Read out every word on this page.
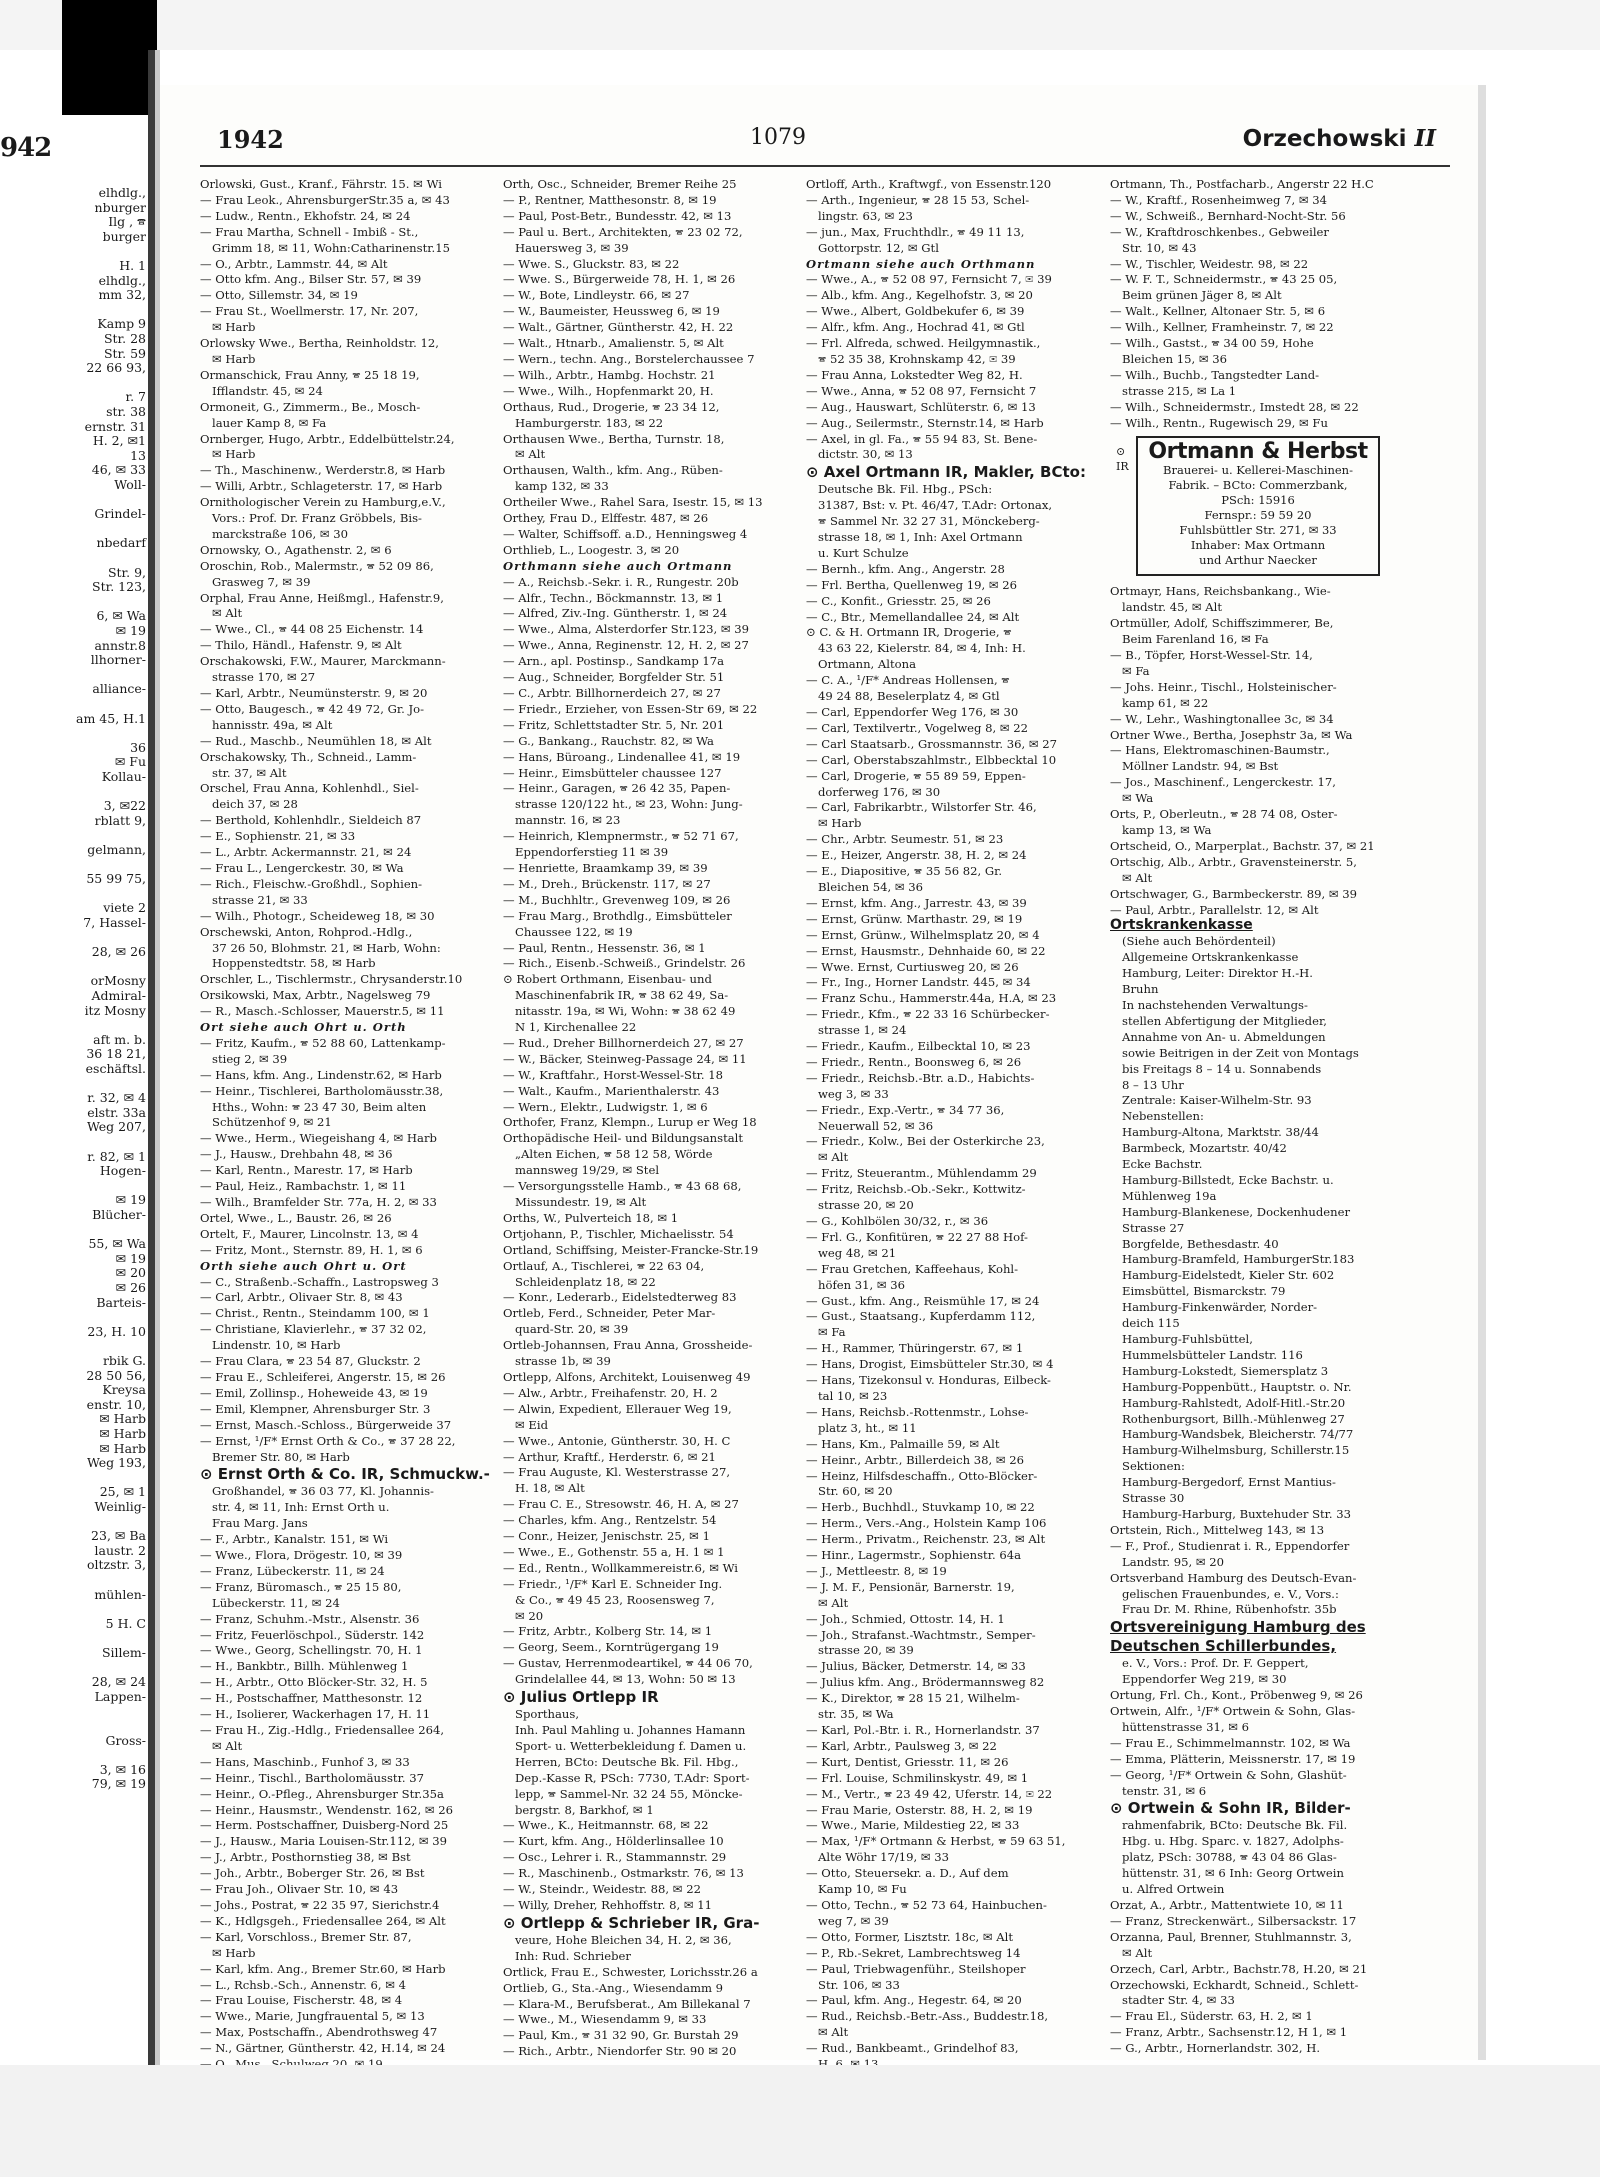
942
elhdlg.,
nburger
Ilg , 🕿
burger
H. 1
elhdlg.,
mm 32,
Kamp 9
Str. 28
Str. 59
22 66 93,
r. 7
str. 38
ernstr. 31
H. 2, ✉1
13
46, ✉ 33
Woll-
Grindel-
nbedarf
Str. 9,
Str. 123,
6, ✉ Wa
✉ 19
annstr.8
llhorner-
alliance-
am 45, H.1
36
✉ Fu
Kollau-
3, ✉22
rblatt 9,
gelmann,
55 99 75,
viete 2
7, Hassel-
28, ✉ 26
orMosny
Admiral-
itz Mosny
aft m. b.
36 18 21,
eschäftsl.
r. 32, ✉ 4
elstr. 33a
Weg 207,
r. 82, ✉ 1
Hogen-
✉ 19
Blücher-
55, ✉ Wa
✉ 19
✉ 20
✉ 26
Barteis-
23, H. 10
rbik G.
28 50 56,
Kreysa
enstr. 10,
✉ Harb
✉ Harb
✉ Harb
Weg 193,
25, ✉ 1
Weinlig-
23, ✉ Ba
laustr. 2
oltzstr. 3,
mühlen-
5 H. C
Sillem-
28, ✉ 24
Lappen-
Gross-
3, ✉ 16
79, ✉ 19
1942	1079	Orzechowski II
Orlowski, Gust., Kranf., Fährstr. 15. ✉ Wi
— Frau Leok., AhrensburgerStr.35 a, ✉ 43
— Ludw., Rentn., Ekhofstr. 24, ✉ 24
— Frau Martha, Schnell - Imbiß - St.,
Grimm 18, ✉ 11, Wohn:Catharinenstr.15
— O., Arbtr., Lammstr. 44, ✉ Alt
— Otto kfm. Ang., Bilser Str. 57, ✉ 39
— Otto, Sillemstr. 34, ✉ 19
— Frau St., Woellmerstr. 17, Nr. 207,
✉ Harb
Orlowsky Wwe., Bertha, Reinholdstr. 12,
✉ Harb
Ormanschick, Frau Anny, 🕿 25 18 19,
Ifflandstr. 45, ✉ 24
Ormoneit, G., Zimmerm., Be., Mosch-
lauer Kamp 8, ✉ Fa
Ornberger, Hugo, Arbtr., Eddelbüttelstr.24,
✉ Harb
— Th., Maschinenw., Werderstr.8, ✉ Harb
— Willi, Arbtr., Schlageterstr. 17, ✉ Harb
Ornithologischer Verein zu Hamburg,e.V.,
Vors.: Prof. Dr. Franz Gröbbels, Bis-
marckstraße 106, ✉ 30
Ornowsky, O., Agathenstr. 2, ✉ 6
Oroschin, Rob., Malermstr., 🕿 52 09 86,
Grasweg 7, ✉ 39
Orphal, Frau Anne, Heißmgl., Hafenstr.9,
✉ Alt
— Wwe., Cl., 🕿 44 08 25 Eichenstr. 14
— Thilo, Händl., Hafenstr. 9, ✉ Alt
Orschakowski, F.W., Maurer, Marckmann-
strasse 170, ✉ 27
— Karl, Arbtr., Neumünsterstr. 9, ✉ 20
— Otto, Baugesch., 🕿 42 49 72, Gr. Jo-
hannisstr. 49a, ✉ Alt
— Rud., Maschb., Neumühlen 18, ✉ Alt
Orschakowsky, Th., Schneid., Lamm-
str. 37, ✉ Alt
Orschel, Frau Anna, Kohlenhdl., Siel-
deich 37, ✉ 28
— Berthold, Kohlenhdlr., Sieldeich 87
— E., Sophienstr. 21, ✉ 33
— L., Arbtr. Ackermannstr. 21, ✉ 24
— Frau L., Lengerckestr. 30, ✉ Wa
— Rich., Fleischw.-Großhdl., Sophien-
strasse 21, ✉ 33
— Wilh., Photogr., Scheideweg 18, ✉ 30
Orschewski, Anton, Rohprod.-Hdlg.,
37 26 50, Blohmstr. 21, ✉ Harb, Wohn:
Hoppenstedtstr. 58, ✉ Harb
Orschler, L., Tischlermstr., Chrysanderstr.10
Orsikowski, Max, Arbtr., Nagelsweg 79
— R., Masch.-Schlosser, Mauerstr.5, ✉ 11
Ort siehe auch Ohrt u. Orth
— Fritz, Kaufm., 🕿 52 88 60, Lattenkamp-
stieg 2, ✉ 39
— Hans, kfm. Ang., Lindenstr.62, ✉ Harb
— Heinr., Tischlerei, Bartholomäusstr.38,
Hths., Wohn: 🕿 23 47 30, Beim alten
Schützenhof 9, ✉ 21
— Wwe., Herm., Wiegeishang 4, ✉ Harb
— J., Hausw., Drehbahn 48, ✉ 36
— Karl, Rentn., Marestr. 17, ✉ Harb
— Paul, Heiz., Rambachstr. 1, ✉ 11
— Wilh., Bramfelder Str. 77a, H. 2, ✉ 33
Ortel, Wwe., L., Baustr. 26, ✉ 26
Ortelt, F., Maurer, Lincolnstr. 13, ✉ 4
— Fritz, Mont., Sternstr. 89, H. 1, ✉ 6
Orth siehe auch Ohrt u. Ort
— C., Straßenb.-Schaffn., Lastropsweg 3
— Carl, Arbtr., Olivaer Str. 8, ✉ 43
— Christ., Rentn., Steindamm 100, ✉ 1
— Christiane, Klavierlehr., 🕿 37 32 02,
Lindenstr. 10, ✉ Harb
— Frau Clara, 🕿 23 54 87, Gluckstr. 2
— Frau E., Schleiferei, Angerstr. 15, ✉ 26
— Emil, Zollinsp., Hoheweide 43, ✉ 19
— Emil, Klempner, Ahrensburger Str. 3
— Ernst, Masch.-Schloss., Bürgerweide 37
— Ernst, ¹/F* Ernst Orth & Co., 🕿 37 28 22,
Bremer Str. 80, ✉ Harb
⊙ Ernst Orth & Co. IR, Schmuckw.-
Großhandel, 🕿 36 03 77, Kl. Johannis-
str. 4, ✉ 11, Inh: Ernst Orth u.
Frau Marg. Jans
— F., Arbtr., Kanalstr. 151, ✉ Wi
— Wwe., Flora, Drögestr. 10, ✉ 39
— Franz, Lübeckerstr. 11, ✉ 24
— Franz, Büromasch., 🕿 25 15 80,
Lübeckerstr. 11, ✉ 24
— Franz, Schuhm.-Mstr., Alsenstr. 36
— Fritz, Feuerlöschpol., Süderstr. 142
— Wwe., Georg, Schellingstr. 70, H. 1
— H., Bankbtr., Billh. Mühlenweg 1
— H., Arbtr., Otto Blöcker-Str. 32, H. 5
— H., Postschaffner, Matthesonstr. 12
— H., Isolierer, Wackerhagen 17, H. 11
— Frau H., Zig.-Hdlg., Friedensallee 264,
✉ Alt
— Hans, Maschinb., Funhof 3, ✉ 33
— Heinr., Tischl., Bartholomäusstr. 37
— Heinr., O.-Pfleg., Ahrensburger Str.35a
— Heinr., Hausmstr., Wendenstr. 162, ✉ 26
— Herm. Postschaffner, Duisberg-Nord 25
— J., Hausw., Maria Louisen-Str.112, ✉ 39
— J., Arbtr., Posthornstieg 38, ✉ Bst
— Joh., Arbtr., Boberger Str. 26, ✉ Bst
— Frau Joh., Olivaer Str. 10, ✉ 43
— Johs., Postrat, 🕿 22 35 97, Sierichstr.4
— K., Hdlgsgeh., Friedensallee 264, ✉ Alt
— Karl, Vorschloss., Bremer Str. 87,
✉ Harb
— Karl, kfm. Ang., Bremer Str.60, ✉ Harb
— L., Rchsb.-Sch., Annenstr. 6, ✉ 4
— Frau Louise, Fischerstr. 48, ✉ 4
— Wwe., Marie, Jungfrauental 5, ✉ 13
— Max, Postschaffn., Abendrothsweg 47
— N., Gärtner, Güntherstr. 42, H.14, ✉ 24
Orth, Osc., Schneider, Bremer Reihe 25
— P., Rentner, Matthesonstr. 8, ✉ 19
— Paul, Post-Betr., Bundesstr. 42, ✉ 13
— Paul u. Bert., Architekten, 🕿 23 02 72,
Hauersweg 3, ✉ 39
— Wwe. S., Gluckstr. 83, ✉ 22
— Wwe. S., Bürgerweide 78, H. 1, ✉ 26
— W., Bote, Lindleystr. 66, ✉ 27
— W., Baumeister, Heussweg 6, ✉ 19
— Walt., Gärtner, Güntherstr. 42, H. 22
— Walt., Htnarb., Amalienstr. 5, ✉ Alt
— Wern., techn. Ang., Borstelerchaussee 7
— Wilh., Arbtr., Hambg. Hochstr. 21
— Wwe., Wilh., Hopfenmarkt 20, H.
Orthaus, Rud., Drogerie, 🕿 23 34 12,
Hamburgerstr. 183, ✉ 22
Orthausen Wwe., Bertha, Turnstr. 18,
✉ Alt
Orthausen, Walth., kfm. Ang., Rüben-
kamp 132, ✉ 33
Ortheiler Wwe., Rahel Sara, Isestr. 15, ✉ 13
Orthey, Frau D., Elffestr. 487, ✉ 26
— Walter, Schiffsoff. a.D., Henningsweg 4
Orthlieb, L., Loogestr. 3, ✉ 20
Orthmann siehe auch Ortmann
— A., Reichsb.-Sekr. i. R., Rungestr. 20b
— Alfr., Techn., Böckmannstr. 13, ✉ 1
— Alfred, Ziv.-Ing. Güntherstr. 1, ✉ 24
— Wwe., Alma, Alsterdorfer Str.123, ✉ 39
— Wwe., Anna, Reginenstr. 12, H. 2, ✉ 27
— Arn., apl. Postinsp., Sandkamp 17a
— Aug., Schneider, Borgfelder Str. 51
— C., Arbtr. Billhornerdeich 27, ✉ 27
— Friedr., Erzieher, von Essen-Str 69, ✉ 22
— Fritz, Schlettstadter Str. 5, Nr. 201
— G., Bankang., Rauchstr. 82, ✉ Wa
— Hans, Büroang., Lindenallee 41, ✉ 19
— Heinr., Eimsbütteler chaussee 127
— Heinr., Garagen, 🕿 26 42 35, Papen-
strasse 120/122 ht., ✉ 23, Wohn: Jung-
mannstr. 16, ✉ 23
— Heinrich, Klempnermstr., 🕿 52 71 67,
Eppendorferstieg 11 ✉ 39
— Henriette, Braamkamp 39, ✉ 39
— M., Dreh., Brückenstr. 117, ✉ 27
— M., Buchhltr., Grevenweg 109, ✉ 26
— Frau Marg., Brothdlg., Eimsbütteler
Chaussee 122, ✉ 19
— Paul, Rentn., Hessenstr. 36, ✉ 1
— Rich., Eisenb.-Schweiß., Grindelstr. 26
⊙ Robert Orthmann, Eisenbau- und
Maschinenfabrik IR, 🕿 38 62 49, Sa-
nitasstr. 19a, ✉ Wi, Wohn: 🕿 38 62 49
N 1, Kirchenallee 22
— Rud., Dreher Billhornerdeich 27, ✉ 27
— W., Bäcker, Steinweg-Passage 24, ✉ 11
— W., Kraftfahr., Horst-Wessel-Str. 18
— Walt., Kaufm., Marienthalerstr. 43
— Wern., Elektr., Ludwigstr. 1, ✉ 6
Orthofer, Franz, Klempn., Lurup er Weg 18
Orthopädische Heil- und Bildungsanstalt
„Alten Eichen, 🕿 58 12 58, Wörde
mannsweg 19/29, ✉ Stel
— Versorgungsstelle Hamb., 🕿 43 68 68,
Missundestr. 19, ✉ Alt
Orths, W., Pulverteich 18, ✉ 1
Ortjohann, P., Tischler, Michaelisstr. 54
Ortland, Schiffsing, Meister-Francke-Str.19
Ortlauf, A., Tischlerei, 🕿 22 63 04,
Schleidenplatz 18, ✉ 22
— Konr., Lederarb., Eidelstedterweg 83
Ortleb, Ferd., Schneider, Peter Mar-
quard-Str. 20, ✉ 39
Ortleb-Johannsen, Frau Anna, Grossheide-
strasse 1b, ✉ 39
Ortlepp, Alfons, Architekt, Louisenweg 49
— Alw., Arbtr., Freihafenstr. 20, H. 2
— Alwin, Expedient, Ellerauer Weg 19,
✉ Eid
— Wwe., Antonie, Güntherstr. 30, H. C
— Arthur, Kraftf., Herderstr. 6, ✉ 21
— Frau Auguste, Kl. Westerstrasse 27,
H. 18, ✉ Alt
— Frau C. E., Stresowstr. 46, H. A, ✉ 27
— Charles, kfm. Ang., Rentzelstr. 54
— Conr., Heizer, Jenischstr. 25, ✉ 1
— Wwe., E., Gothenstr. 55 a, H. 1 ✉ 1
— Ed., Rentn., Wollkammereistr.6, ✉ Wi
— Friedr., ¹/F* Karl E. Schneider Ing.
& Co., 🕿 49 45 23, Roosensweg 7,
✉ 20
— Fritz, Arbtr., Kolberg Str. 14, ✉ 1
— Georg, Seem., Korntrügergang 19
— Gustav, Herrenmodeartikel, 🕿 44 06 70,
Grindelallee 44, ✉ 13, Wohn: 50 ✉ 13
⊙ Julius Ortlepp IR
Sporthaus,
Inh. Paul Mahling u. Johannes Hamann
Sport- u. Wetterbekleidung f. Damen u.
Herren, BCto: Deutsche Bk. Fil. Hbg.,
Dep.-Kasse R, PSch: 7730, T.Adr: Sport-
lepp, 🕿 Sammel-Nr. 32 24 55, Möncke-
bergstr. 8, Barkhof, ✉ 1
— Wwe., K., Heitmannstr. 68, ✉ 22
— Kurt, kfm. Ang., Hölderlinsallee 10
— Osc., Lehrer i. R., Stammannstr. 29
— R., Maschinenb., Ostmarkstr. 76, ✉ 13
— W., Steindr., Weidestr. 88, ✉ 22
— Willy, Dreher, Rehhoffstr. 8, ✉ 11
⊙ Ortlepp & Schrieber IR, Gra-
veure, Hohe Bleichen 34, H. 2, ✉ 36,
Inh: Rud. Schrieber
Ortlick, Frau E., Schwester, Lorichsstr.26 a
Ortlieb, G., Sta.-Ang., Wiesendamm 9
— Klara-M., Berufsberat., Am Billekanal 7
— Wwe., M., Wiesendamm 9, ✉ 33
— Paul, Km., 🕿 31 32 90, Gr. Burstah 29
— Rich., Arbtr., Niendorfer Str. 90 ✉ 20
Ortloff, Arth., Kraftwgf., von Essenstr.120
— Arth., Ingenieur, 🕿 28 15 53, Schel-
lingstr. 63, ✉ 23
— jun., Max, Fruchthdlr., 🕿 49 11 13,
Gottorpstr. 12, ✉ Gtl
Ortmann siehe auch Orthmann
— Wwe., A., 🕿 52 08 97, Fernsicht 7, ✉ 39
— Alb., kfm. Ang., Kegelhofstr. 3, ✉ 20
— Wwe., Albert, Goldbekufer 6, ✉ 39
— Alfr., kfm. Ang., Hochrad 41, ✉ Gtl
— Frl. Alfreda, schwed. Heilgymnastik.,
🕿 52 35 38, Krohnskamp 42, ✉ 39
— Frau Anna, Lokstedter Weg 82, H.
— Wwe., Anna, 🕿 52 08 97, Fernsicht 7
— Aug., Hauswart, Schlüterstr. 6, ✉ 13
— Aug., Seilermstr., Sternstr.14, ✉ Harb
— Axel, in gl. Fa., 🕿 55 94 83, St. Bene-
dictstr. 30, ✉ 13
⊙ Axel Ortmann IR, Makler, BCto:
Deutsche Bk. Fil. Hbg., PSch:
31387, Bst: v. Pt. 46/47, T.Adr: Ortonax,
🕿 Sammel Nr. 32 27 31, Mönckeberg-
strasse 18, ✉ 1, Inh: Axel Ortmann
u. Kurt Schulze
— Bernh., kfm. Ang., Angerstr. 28
— Frl. Bertha, Quellenweg 19, ✉ 26
— C., Konfit., Griesstr. 25, ✉ 26
— C., Btr., Memellandallee 24, ✉ Alt
⊙ C. & H. Ortmann IR, Drogerie, 🕿
43 63 22, Kielerstr. 84, ✉ 4, Inh: H.
Ortmann, Altona
— C. A., ¹/F* Andreas Hollensen, 🕿
49 24 88, Beselerplatz 4, ✉ Gtl
— Carl, Eppendorfer Weg 176, ✉ 30
— Carl, Textilvertr., Vogelweg 8, ✉ 22
— Carl Staatsarb., Grossmannstr. 36, ✉ 27
— Carl, Oberstabszahlmstr., Elbbecktal 10
— Carl, Drogerie, 🕿 55 89 59, Eppen-
dorferweg 176, ✉ 30
— Carl, Fabrikarbtr., Wilstorfer Str. 46,
✉ Harb
— Chr., Arbtr. Seumestr. 51, ✉ 23
— E., Heizer, Angerstr. 38, H. 2, ✉ 24
— E., Diapositive, 🕿 35 56 82, Gr.
Bleichen 54, ✉ 36
— Ernst, kfm. Ang., Jarrestr. 43, ✉ 39
— Ernst, Grünw. Marthastr. 29, ✉ 19
— Ernst, Grünw., Wilhelmsplatz 20, ✉ 4
— Ernst, Hausmstr., Dehnhaide 60, ✉ 22
— Wwe. Ernst, Curtiusweg 20, ✉ 26
— Fr., Ing., Horner Landstr. 445, ✉ 34
— Franz Schu., Hammerstr.44a, H.A, ✉ 23
— Friedr., Kfm., 🕿 22 33 16 Schürbecker-
strasse 1, ✉ 24
— Friedr., Kaufm., Eilbecktal 10, ✉ 23
— Friedr., Rentn., Boonsweg 6, ✉ 26
— Friedr., Reichsb.-Btr. a.D., Habichts-
weg 3, ✉ 33
— Friedr., Exp.-Vertr., 🕿 34 77 36,
Neuerwall 52, ✉ 36
— Friedr., Kolw., Bei der Osterkirche 23,
✉ Alt
— Fritz, Steuerantm., Mühlendamm 29
— Fritz, Reichsb.-Ob.-Sekr., Kottwitz-
strasse 20, ✉ 20
— G., Kohlbölen 30/32, r., ✉ 36
— Frl. G., Konfitüren, 🕿 22 27 88 Hof-
weg 48, ✉ 21
— Frau Gretchen, Kaffeehaus, Kohl-
höfen 31, ✉ 36
— Gust., kfm. Ang., Reismühle 17, ✉ 24
— Gust., Staatsang., Kupferdamm 112,
✉ Fa
— H., Rammer, Thüringerstr. 67, ✉ 1
— Hans, Drogist, Eimsbütteler Str.30, ✉ 4
— Hans, Tizekonsul v. Honduras, Eilbeck-
tal 10, ✉ 23
— Hans, Reichsb.-Rottenmstr., Lohse-
platz 3, ht., ✉ 11
— Hans, Km., Palmaille 59, ✉ Alt
— Heinr., Arbtr., Billerdeich 38, ✉ 26
— Heinz, Hilfsdeschaffn., Otto-Blöcker-
Str. 60, ✉ 20
— Herb., Buchhdl., Stuvkamp 10, ✉ 22
— Herm., Vers.-Ang., Holstein Kamp 106
— Herm., Privatm., Reichenstr. 23, ✉ Alt
— Hinr., Lagermstr., Sophienstr. 64a
— J., Mettleestr. 8, ✉ 19
— J. M. F., Pensionär, Barnerstr. 19,
✉ Alt
— Joh., Schmied, Ottostr. 14, H. 1
— Joh., Strafanst.-Wachtmstr., Semper-
strasse 20, ✉ 39
— Julius, Bäcker, Detmerstr. 14, ✉ 33
— Julius kfm. Ang., Brödermannsweg 82
— K., Direktor, 🕿 28 15 21, Wilhelm-
str. 35, ✉ Wa
— Karl, Pol.-Btr. i. R., Hornerlandstr. 37
— Karl, Arbtr., Paulsweg 3, ✉ 22
— Kurt, Dentist, Griesstr. 11, ✉ 26
— Frl. Louise, Schmilinskystr. 49, ✉ 1
— M., Vertr., 🕿 23 49 42, Uferstr. 14, ✉ 22
— Frau Marie, Osterstr. 88, H. 2, ✉ 19
— Wwe., Marie, Mildestieg 22, ✉ 33
— Max, ¹/F* Ortmann & Herbst, 🕿 59 63 51,
Alte Wöhr 17/19, ✉ 33
— Otto, Steuersekr. a. D., Auf dem
Kamp 10, ✉ Fu
— Otto, Techn., 🕿 52 73 64, Hainbuchen-
weg 7, ✉ 39
— Otto, Former, Lisztstr. 18c, ✉ Alt
— P., Rb.-Sekret, Lambrechtsweg 14
— Paul, Triebwagenführ., Steilshoper
Str. 106, ✉ 33
— Paul, kfm. Ang., Hegestr. 64, ✉ 20
— Rud., Reichsb.-Betr.-Ass., Buddestr.18,
✉ Alt
— Rud., Bankbeamt., Grindelhof 83,
Ortmann, Th., Postfacharb., Angerstr 22 H.C
— W., Kraftf., Rosenheimweg 7, ✉ 34
— W., Schweiß., Bernhard-Nocht-Str. 56
— W., Kraftdroschkenbes., Gebweiler
Str. 10, ✉ 43
— W., Tischler, Weidestr. 98, ✉ 22
— W. F. T., Schneidermstr., 🕿 43 25 05,
Beim grünen Jäger 8, ✉ Alt
— Walt., Kellner, Altonaer Str. 5, ✉ 6
— Wilh., Kellner, Framheinstr. 7, ✉ 22
— Wilh., Gastst., 🕿 34 00 59, Hohe
Bleichen 15, ✉ 36
— Wilh., Buchb., Tangstedter Land-
strasse 215, ✉ La 1
— Wilh., Schneidermstr., Imstedt 28, ✉ 22
— Wilh., Rentn., Rugewisch 29, ✉ Fu
⊙ IR
Ortmann & Herbst
Brauerei- u. Kellerei-Maschinen-
Fabrik. – BCto: Commerzbank,
PSch: 15916
Fernspr.: 59 59 20
Fuhlsbüttler Str. 271, ✉ 33
Inhaber: Max Ortmann
und Arthur Naecker
Ortmayr, Hans, Reichsbankang., Wie-
landstr. 45, ✉ Alt
Ortmüller, Adolf, Schiffszimmerer, Be,
Beim Farenland 16, ✉ Fa
— B., Töpfer, Horst-Wessel-Str. 14,
✉ Fa
— Johs. Heinr., Tischl., Holsteinischer-
kamp 61, ✉ 22
— W., Lehr., Washingtonallee 3c, ✉ 34
Ortner Wwe., Bertha, Josephstr 3a, ✉ Wa
— Hans, Elektromaschinen-Baumstr.,
Möllner Landstr. 94, ✉ Bst
— Jos., Maschinenf., Lengerckestr. 17,
✉ Wa
Orts, P., Oberleutn., 🕿 28 74 08, Oster-
kamp 13, ✉ Wa
Ortscheid, O., Marperplat., Bachstr. 37, ✉ 21
Ortschig, Alb., Arbtr., Gravensteinerstr. 5,
✉ Alt
Ortschwager, G., Barmbeckerstr. 89, ✉ 39
— Paul, Arbtr., Parallelstr. 12, ✉ Alt
Ortskrankenkasse
(Siehe auch Behördenteil)
Allgemeine Ortskrankenkasse
Hamburg, Leiter: Direktor H.-H.
Bruhn
In nachstehenden Verwaltungs-
stellen Abfertigung der Mitglieder,
Annahme von An- u. Abmeldungen
sowie Beitrigen in der Zeit von Montags
bis Freitags 8 – 14 u. Sonnabends
8 – 13 Uhr
Zentrale: Kaiser-Wilhelm-Str. 93
Nebenstellen:
Hamburg-Altona, Marktstr. 38/44
Barmbeck, Mozartstr. 40/42
Ecke Bachstr.
Hamburg-Billstedt, Ecke Bachstr. u.
Mühlenweg 19a
Hamburg-Blankenese, Dockenhudener
Strasse 27
Borgfelde, Bethesdastr. 40
Hamburg-Bramfeld, HamburgerStr.183
Hamburg-Eidelstedt, Kieler Str. 602
Eimsbüttel, Bismarckstr. 79
Hamburg-Finkenwärder, Norder-
deich 115
Hamburg-Fuhlsbüttel,
Hummelsbütteler Landstr. 116
Hamburg-Lokstedt, Siemersplatz 3
Hamburg-Poppenbütt., Hauptstr. o. Nr.
Hamburg-Rahlstedt, Adolf-Hitl.-Str.20
Rothenburgsort, Billh.-Mühlenweg 27
Hamburg-Wandsbek, Bleicherstr. 74/77
Hamburg-Wilhelmsburg, Schillerstr.15
Sektionen:
Hamburg-Bergedorf, Ernst Mantius-
Strasse 30
Hamburg-Harburg, Buxtehuder Str. 33
Ortstein, Rich., Mittelweg 143, ✉ 13
— F., Prof., Studienrat i. R., Eppendorfer
Landstr. 95, ✉ 20
Ortsverband Hamburg des Deutsch-Evan-
gelischen Frauenbundes, e. V., Vors.:
Frau Dr. M. Rhine, Rübenhofstr. 35b
Ortsvereinigung Hamburg des
Deutschen Schillerbundes,
e. V., Vors.: Prof. Dr. F. Geppert,
Eppendorfer Weg 219, ✉ 30
Ortung, Frl. Ch., Kont., Pröbenweg 9, ✉ 26
Ortwein, Alfr., ¹/F* Ortwein & Sohn, Glas-
hüttenstrasse 31, ✉ 6
— Frau E., Schimmelmannstr. 102, ✉ Wa
— Emma, Plätterin, Meissnerstr. 17, ✉ 19
— Georg, ¹/F* Ortwein & Sohn, Glashüt-
tenstr. 31, ✉ 6
⊙ Ortwein & Sohn IR, Bilder-
rahmenfabrik, BCto: Deutsche Bk. Fil.
Hbg. u. Hbg. Sparc. v. 1827, Adolphs-
platz, PSch: 30788, 🕿 43 04 86 Glas-
hüttenstr. 31, ✉ 6 Inh: Georg Ortwein
u. Alfred Ortwein
Orzat, A., Arbtr., Mattentwiete 10, ✉ 11
— Franz, Streckenwärt., Silbersackstr. 17
Orzanna, Paul, Brenner, Stuhlmannstr. 3,
✉ Alt
Orzech, Carl, Arbtr., Bachstr.78, H.20, ✉ 21
Orzechowski, Eckhardt, Schneid., Schlett-
stadter Str. 4, ✉ 33
— Frau El., Süderstr. 63, H. 2, ✉ 1
— Franz, Arbtr., Sachsenstr.12, H 1, ✉ 1
— G., Arbtr., Hornerlandstr. 302, H.
